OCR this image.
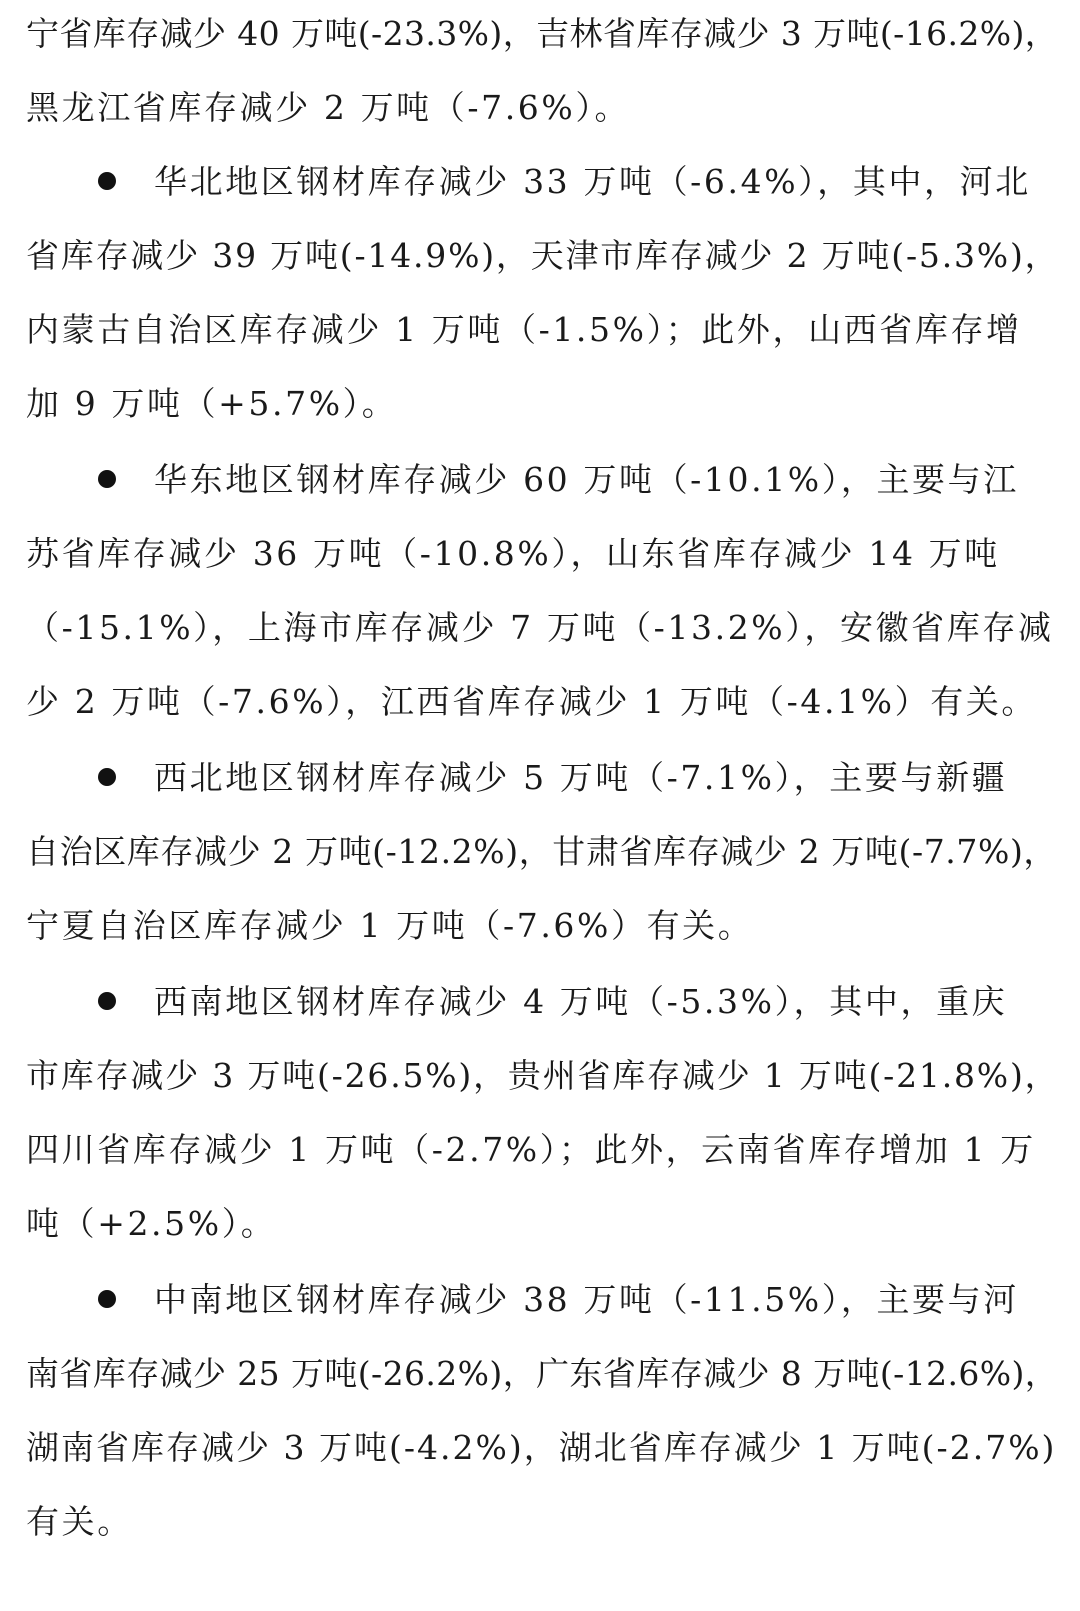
宁省库存减少 40 万吨(-23.3%)，吉林省库存减少 3 万吨(-16.2%)，
黑龙江省库存减少 2 万吨（-7.6%）。
华北地区钢材库存减少 33 万吨（-6.4%），其中，河北
省库存减少 39 万吨(-14.9%)，天津市库存减少 2 万吨(-5.3%)，
内蒙古自治区库存减少 1 万吨（-1.5%）；此外，山西省库存增
加 9 万吨（+5.7%）。
华东地区钢材库存减少 60 万吨（-10.1%），主要与江
苏省库存减少 36 万吨（-10.8%），山东省库存减少 14 万吨
（-15.1%），上海市库存减少 7 万吨（-13.2%），安徽省库存减
少 2 万吨（-7.6%），江西省库存减少 1 万吨（-4.1%）有关。
西北地区钢材库存减少 5 万吨（-7.1%），主要与新疆
自治区库存减少 2 万吨(-12.2%)，甘肃省库存减少 2 万吨(-7.7%)，
宁夏自治区库存减少 1 万吨（-7.6%）有关。
西南地区钢材库存减少 4 万吨（-5.3%），其中，重庆
市库存减少 3 万吨(-26.5%)，贵州省库存减少 1 万吨(-21.8%)，
四川省库存减少 1 万吨（-2.7%）；此外，云南省库存增加 1 万
吨（+2.5%）。
中南地区钢材库存减少 38 万吨（-11.5%），主要与河
南省库存减少 25 万吨(-26.2%)，广东省库存减少 8 万吨(-12.6%)，
湖南省库存减少 3 万吨(-4.2%)，湖北省库存减少 1 万吨(-2.7%)
有关。
